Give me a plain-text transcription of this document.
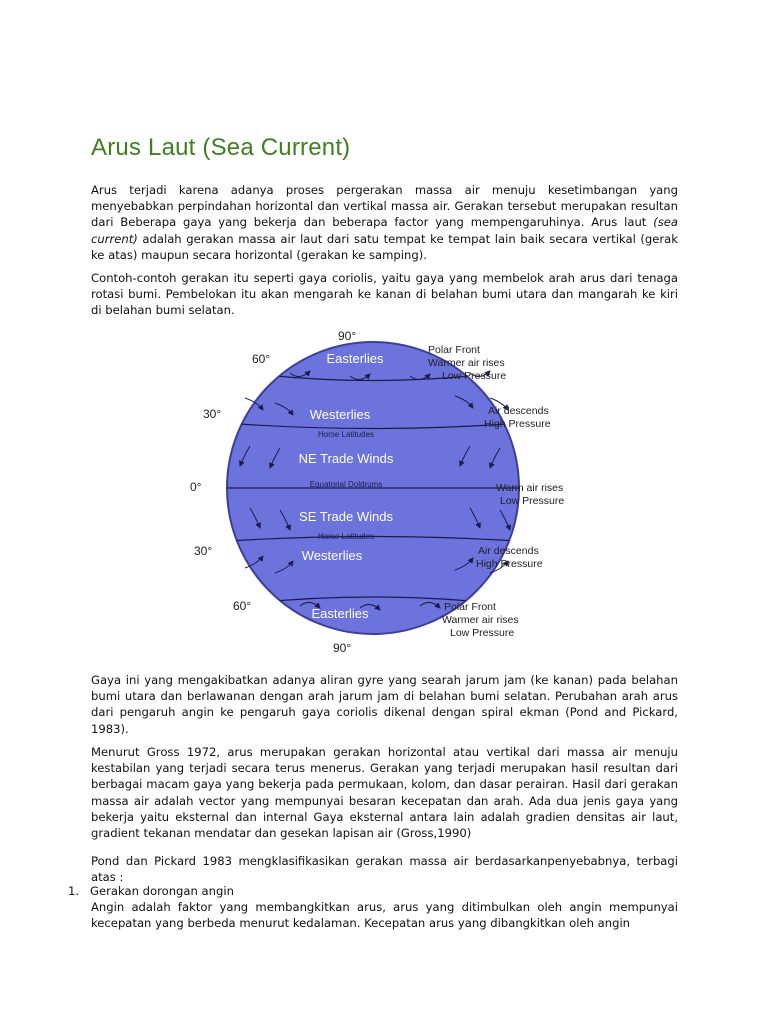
Arus Laut (Sea Current)

Arus terjadi karena adanya proses pergerakan massa air menuju kesetimbangan yang menyebabkan perpindahan horizontal dan vertikal massa air. Gerakan tersebut merupakan resultan dari Beberapa gaya yang bekerja dan beberapa factor yang mempengaruhinya. Arus laut (sea current) adalah gerakan massa air laut dari satu tempat ke tempat lain baik secara vertikal (gerak ke atas) maupun secara horizontal (gerakan ke samping).

Contoh-contoh gerakan itu seperti gaya coriolis, yaitu gaya yang membelok arah arus dari tenaga rotasi bumi. Pembelokan itu akan mengarah ke kanan di belahan bumi utara dan mangarah ke kiri di belahan bumi selatan.

Easterlies
Westerlies
NE Trade Winds
SE Trade Winds
Westerlies
Easterlies
Horse Latitudes
Equatorial Doldrums
Horse Latitudes
90°
60°
30°
0°
30°
60°
90°
Polar Front Warmer air rises Low Pressure
Air descends High Pressure
Warm air rises Low Pressure
Air descends High Pressure
Polar Front Warmer air rises Low Pressure

Gaya ini yang mengakibatkan adanya aliran gyre yang searah jarum jam (ke kanan) pada belahan bumi utara dan berlawanan dengan arah jarum jam di belahan bumi selatan. Perubahan arah arus dari pengaruh angin ke pengaruh gaya coriolis dikenal dengan spiral ekman (Pond and Pickard, 1983).

Menurut Gross 1972, arus merupakan gerakan horizontal atau vertikal dari massa air menuju kestabilan yang terjadi secara terus menerus. Gerakan yang terjadi merupakan hasil resultan dari berbagai macam gaya yang bekerja pada permukaan, kolom, dan dasar perairan. Hasil dari gerakan massa air adalah vector yang mempunyai besaran kecepatan dan arah. Ada dua jenis gaya yang bekerja yaitu eksternal dan internal Gaya eksternal antara lain adalah gradien densitas air laut, gradient tekanan mendatar dan gesekan lapisan air (Gross,1990)

Pond dan Pickard 1983 mengklasifikasikan gerakan massa air berdasarkanpenyebabnya, terbagi atas :

1. Gerakan dorongan angin

Angin adalah faktor yang membangkitkan arus, arus yang ditimbulkan oleh angin mempunyai kecepatan yang berbeda menurut kedalaman. Kecepatan arus yang dibangkitkan oleh angin
